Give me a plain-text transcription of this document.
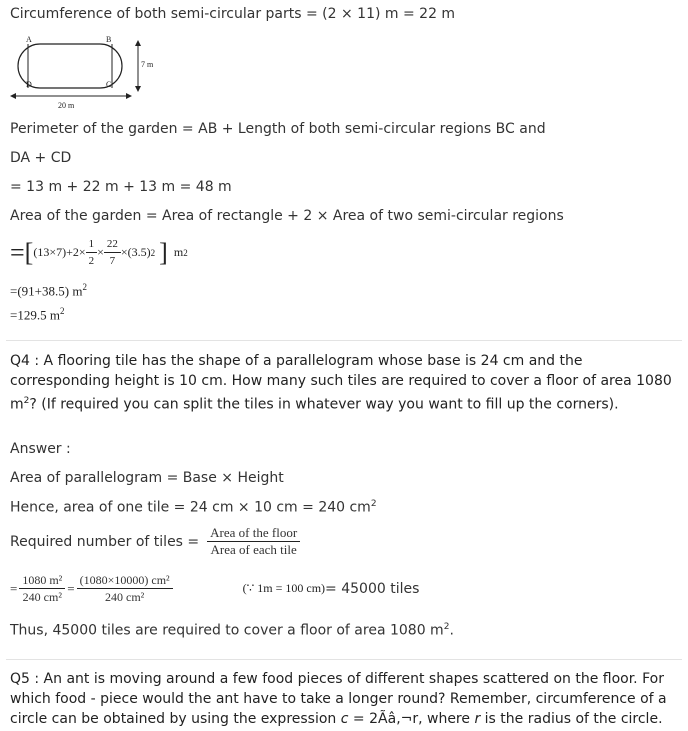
Circumference of both semi-circular parts = (2 × 11) m = 22 m
A	B
C
D
7 m
20 m
Perimeter of the garden = AB + Length of both semi-circular regions BC and
DA + CD
= 13 m + 22 m + 13 m = 48 m
Area of the garden = Area of rectangle + 2 × Area of two semi-circular regions
=[ $(13\times 7)+2\times \frac{1}{2} \times \frac{22}{7} \times(3.5)$ 2 ] m 2
=(91+38.5) $m^2$
=129.5 $m^2$
Q4 : A flooring tile has the shape of a parallelogram whose base is 24 cm and the corresponding height is 10 cm. How many such tiles are required to cover a floor of area 1080 $m^2$? (If required you can split the tiles in whatever way you want to fill up the corners).
Answer :
Area of parallelogram = Base × Height
Hence, area of one tile = 24 cm × 10 cm = 240 $cm^2$
Required number of tiles = $\frac{\text{Area of the floor}}{\text{Area of each tile}}$
= $\frac{\text{1080 m²}}{\text{240 cm²}} = \frac{\text{(1080×10000) cm²}}{\text{240 cm²}}$	(∵ 1m = 100 cm) = 45000 tiles
Thus, 45000 tiles are required to cover a floor of area 1080 $m^2$.
Q5 : An ant is moving around a few food pieces of different shapes scattered on the floor. For which food - piece would the ant have to take a longer round? Remember, circumference of a circle can be obtained by using the expression c = 2Ãâ‚¬r, where r is the radius of the circle.
